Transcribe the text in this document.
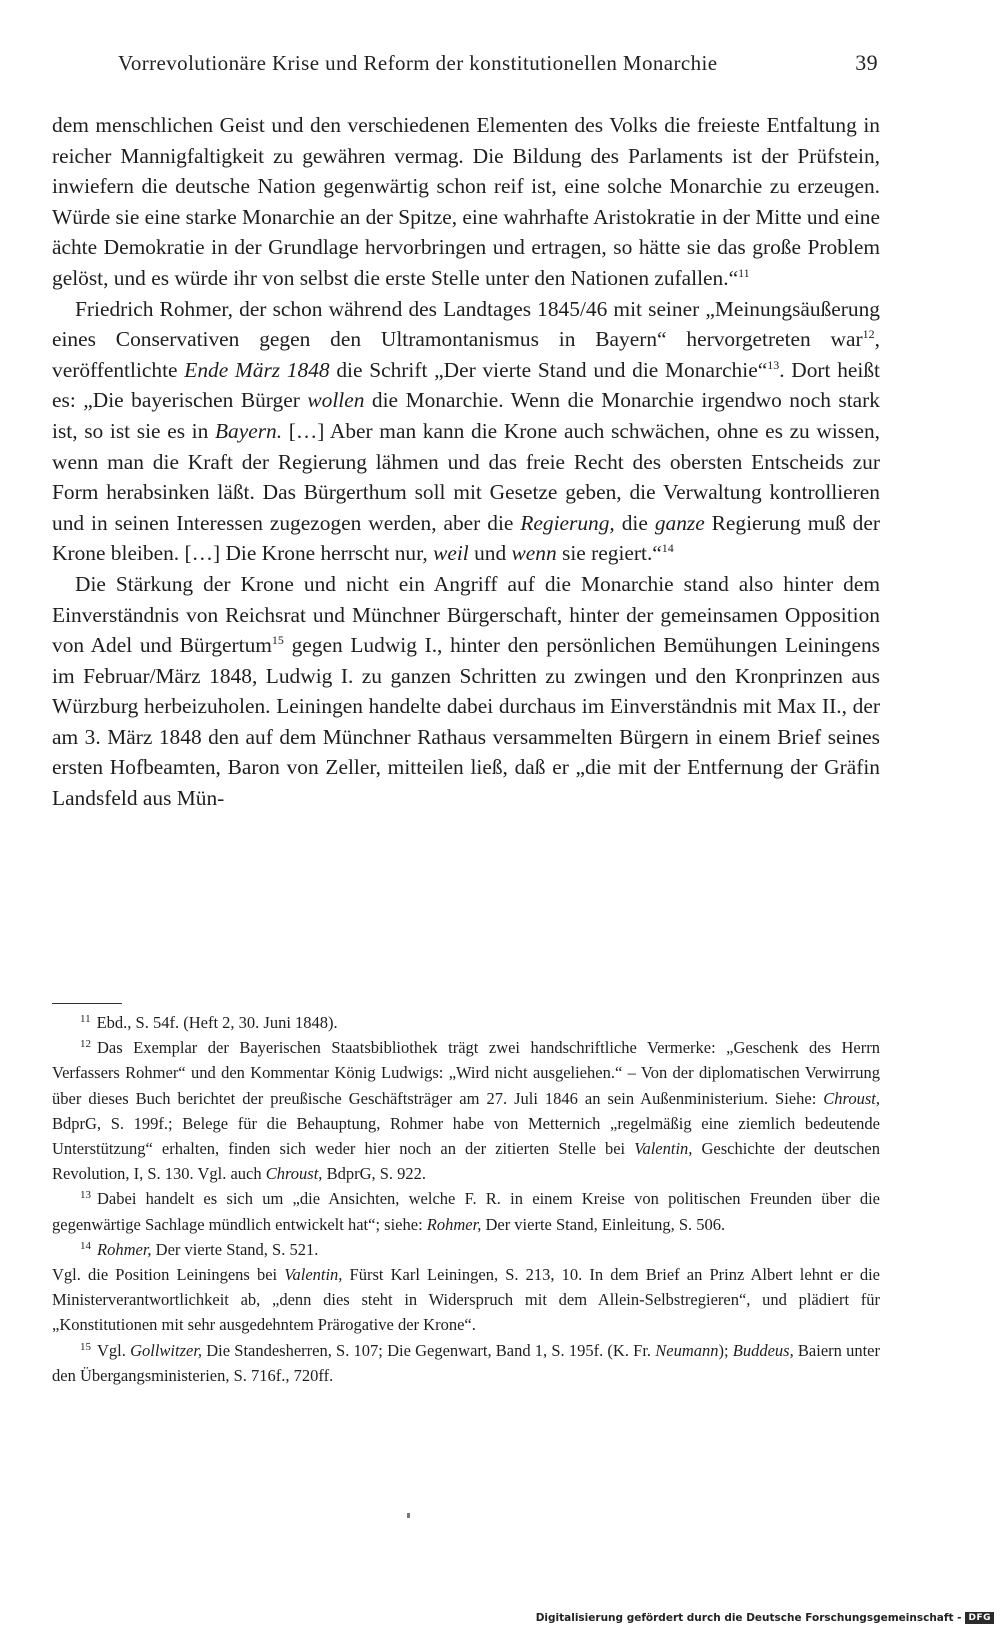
Vorrevolutionäre Krise und Reform der konstitutionellen Monarchie	39

dem menschlichen Geist und den verschiedenen Elementen des Volks die freieste Entfaltung in reicher Mannigfaltigkeit zu gewähren vermag. Die Bildung des Parlaments ist der Prüfstein, inwiefern die deutsche Nation gegenwärtig schon reif ist, eine solche Monarchie zu erzeugen. Würde sie eine starke Monarchie an der Spitze, eine wahrhafte Aristokratie in der Mitte und eine ächte Demokratie in der Grundlage hervorbringen und ertragen, so hätte sie das große Problem gelöst, und es würde ihr von selbst die erste Stelle unter den Nationen zufallen.“$^{11}$

Friedrich Rohmer, der schon während des Landtages 1845/46 mit seiner „Meinungsäußerung eines Conservativen gegen den Ultramontanismus in Bayern“ hervorgetreten war$^{12}$, veröffentlichte Ende März 1848 die Schrift „Der vierte Stand und die Monarchie“$^{13}$. Dort heißt es: „Die bayerischen Bürger wollen die Monarchie. Wenn die Monarchie irgendwo noch stark ist, so ist sie es in Bayern. […] Aber man kann die Krone auch schwächen, ohne es zu wissen, wenn man die Kraft der Regierung lähmen und das freie Recht des obersten Entscheids zur Form herabsinken läßt. Das Bürgerthum soll mit Gesetze geben, die Verwaltung kontrollieren und in seinen Interessen zugezogen werden, aber die Regierung, die ganze Regierung muß der Krone bleiben. […] Die Krone herrscht nur, weil und wenn sie regiert.“$^{14}$

Die Stärkung der Krone und nicht ein Angriff auf die Monarchie stand also hinter dem Einverständnis von Reichsrat und Münchner Bürgerschaft, hinter der gemeinsamen Opposition von Adel und Bürgertum$^{15}$ gegen Ludwig I., hinter den persönlichen Bemühungen Leiningens im Februar/März 1848, Ludwig I. zu ganzen Schritten zu zwingen und den Kronprinzen aus Würzburg herbeizuholen. Leiningen handelte dabei durchaus im Einverständnis mit Max II., der am 3. März 1848 den auf dem Münchner Rathaus versammelten Bürgern in einem Brief seines ersten Hofbeamten, Baron von Zeller, mitteilen ließ, daß er „die mit der Entfernung der Gräfin Landsfeld aus Mün-

$^{11}$ Ebd., S. 54f. (Heft 2, 30. Juni 1848).

$^{12}$ Das Exemplar der Bayerischen Staatsbibliothek trägt zwei handschriftliche Vermerke: „Geschenk des Herrn Verfassers Rohmer“ und den Kommentar König Ludwigs: „Wird nicht ausgeliehen.“ – Von der diplomatischen Verwirrung über dieses Buch berichtet der preußische Geschäftsträger am 27. Juli 1846 an sein Außenministerium. Siehe: Chroust, BdprG, S. 199f.; Belege für die Behauptung, Rohmer habe von Metternich „regelmäßig eine ziemlich bedeutende Unterstützung“ erhalten, finden sich weder hier noch an der zitierten Stelle bei Valentin, Geschichte der deutschen Revolution, I, S. 130. Vgl. auch Chroust, BdprG, S. 922.

$^{13}$ Dabei handelt es sich um „die Ansichten, welche F. R. in einem Kreise von politischen Freunden über die gegenwärtige Sachlage mündlich entwickelt hat“; siehe: Rohmer, Der vierte Stand, Einleitung, S. 506.

$^{14}$ Rohmer, Der vierte Stand, S. 521.

Vgl. die Position Leiningens bei Valentin, Fürst Karl Leiningen, S. 213, 10. In dem Brief an Prinz Albert lehnt er die Ministerverantwortlichkeit ab, „denn dies steht in Widerspruch mit dem Allein-Selbstregieren“, und plädiert für „Konstitutionen mit sehr ausgedehntem Prärogative der Krone“.

$^{15}$ Vgl. Gollwitzer, Die Standesherren, S. 107; Die Gegenwart, Band 1, S. 195f. (K. Fr. Neumann); Buddeus, Baiern unter den Übergangsministerien, S. 716f., 720ff.

Digitalisierung gefördert durch die Deutsche Forschungsgemeinschaft - DFG
